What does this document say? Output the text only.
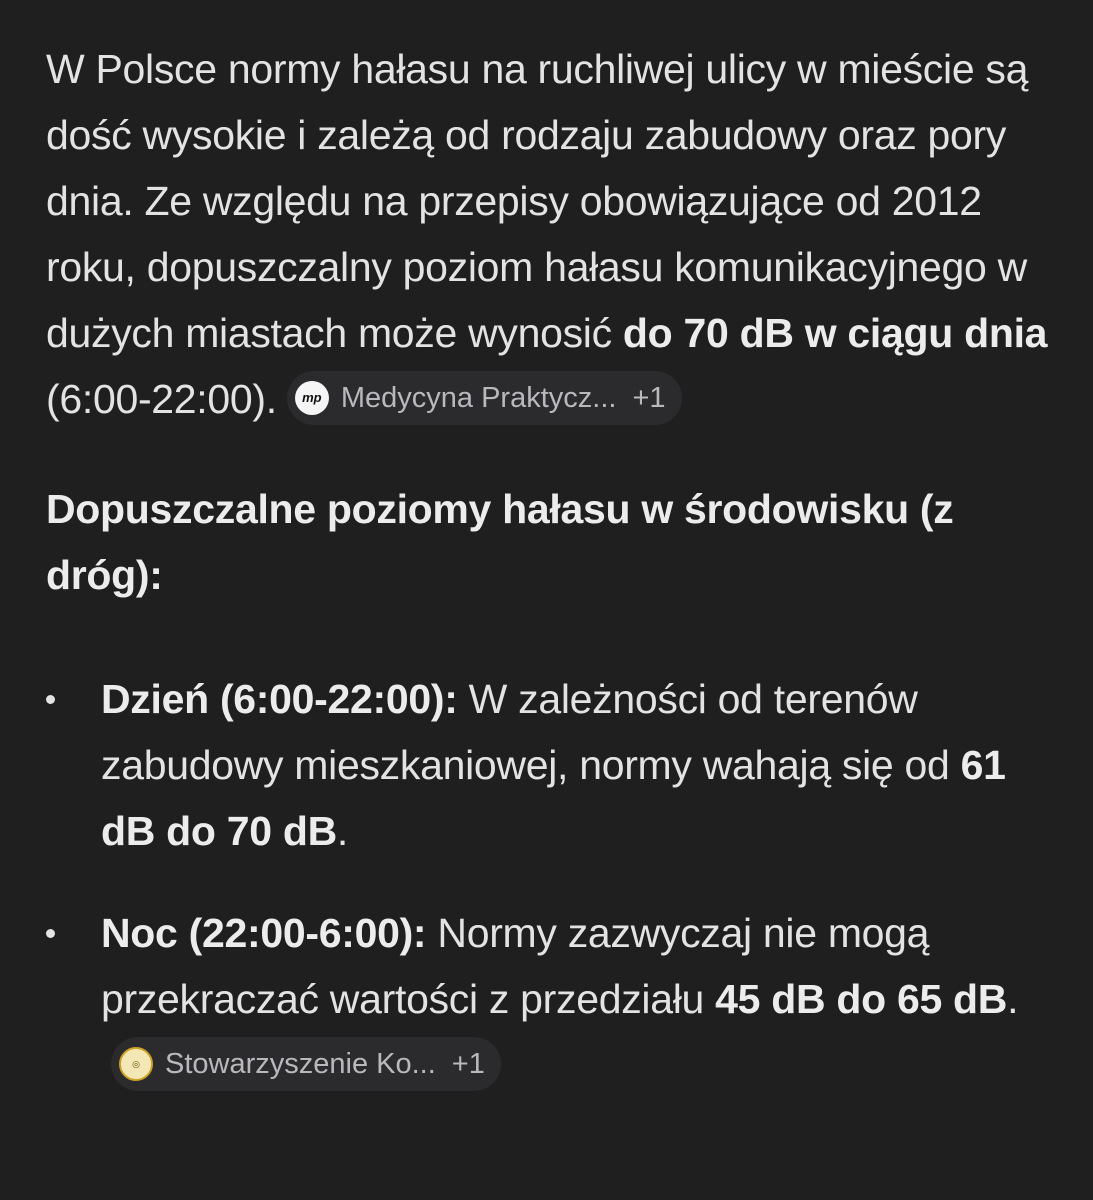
W Polsce normy hałasu na ruchliwej ulicy w mieście są dość wysokie i zależą od rodzaju zabudowy oraz pory dnia. Ze względu na przepisy obowiązujące od 2012 roku, dopuszczalny poziom hałasu komunikacyjnego w dużych miastach może wynosić do 70 dB w ciągu dnia (6:00-22:00).	mp Medycyna Praktycz... +1

Dopuszczalne poziomy hałasu w środowisku (z dróg):
Dzień (6:00-22:00): W zależności od terenów zabudowy mieszkaniowej, normy wahają się od 61 dB do 70 dB.
Noc (22:00-6:00): Normy zazwyczaj nie mogą przekraczać wartości z przedziału 45 dB do 65 dB.
◎ Stowarzyszenie Ko... +1
